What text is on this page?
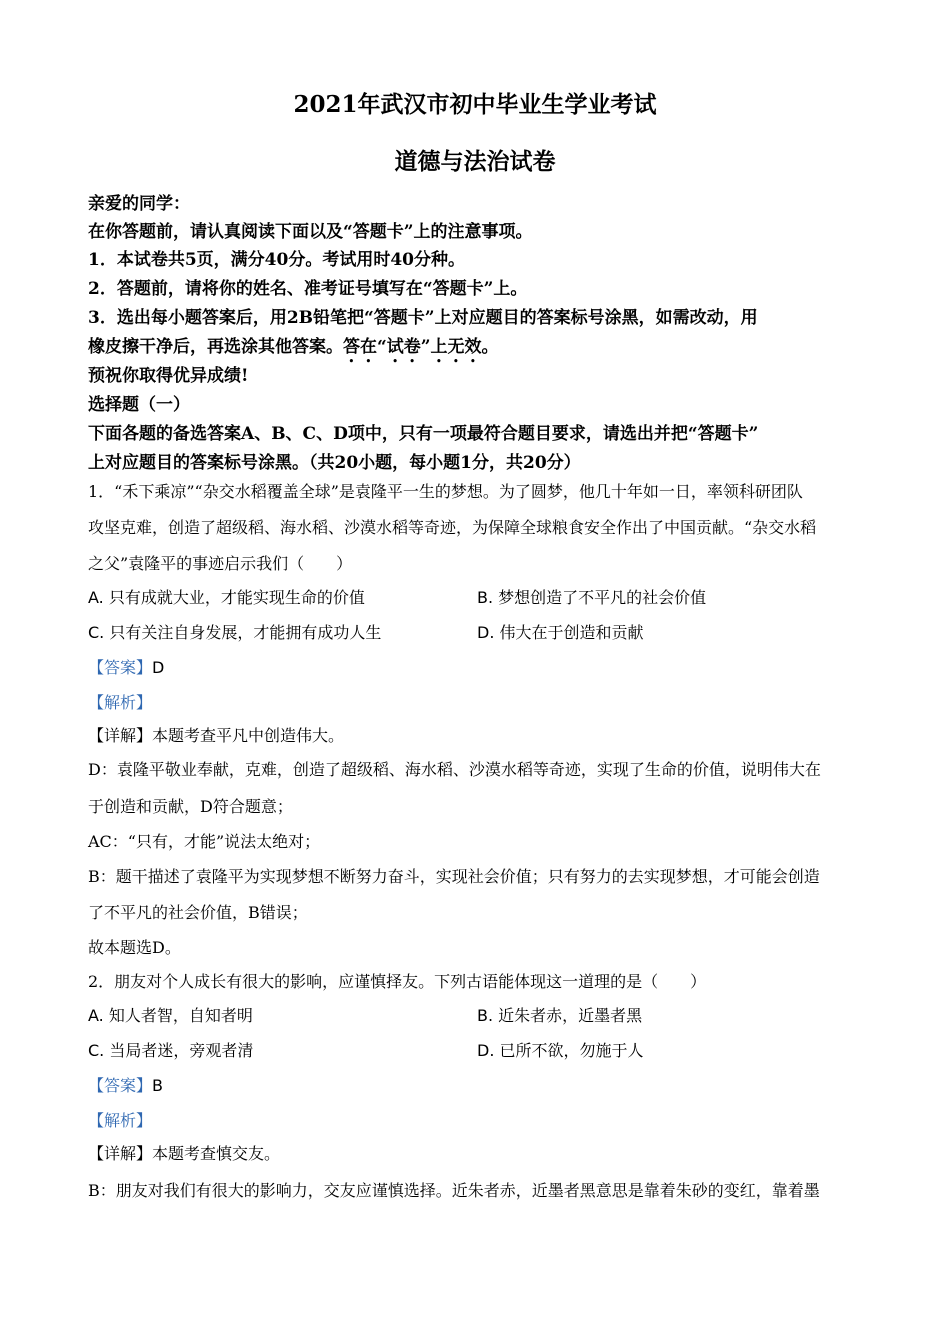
2021年武汉市初中毕业生学业考试
道德与法治试卷
亲爱的同学：
在你答题前，请认真阅读下面以及“答题卡”上的注意事项。
1．本试卷共5页，满分40分。考试用时40分种。
2．答题前，请将你的姓名、准考证号填写在“答题卡”上。
3．选出每小题答案后，用2B铅笔把“答题卡”上对应题目的答案标号涂黑，如需改动，用
橡皮擦干净后，再选涂其他答案。答在“试卷”上无效。
预祝你取得优异成绩!
选择题（一）
下面各题的备选答案A、B、C、D项中，只有一项最符合题目要求，请选出并把“答题卡”
上对应题目的答案标号涂黑。（共20小题，每小题1分，共20分）
1．“禾下乘凉”“杂交水稻覆盖全球”是袁隆平一生的梦想。为了圆梦，他几十年如一日，率领科研团队
攻坚克难，创造了超级稻、海水稻、沙漠水稻等奇迹，为保障全球粮食安全作出了中国贡献。“杂交水稻
之父”袁隆平的事迹启示我们（　　）
A. 只有成就大业，才能实现生命的价值	B. 梦想创造了不平凡的社会价值
C. 只有关注自身发展，才能拥有成功人生	D. 伟大在于创造和贡献
【答案】D
【解析】
【详解】本题考查平凡中创造伟大。
D：袁隆平敬业奉献，克难，创造了超级稻、海水稻、沙漠水稻等奇迹，实现了生命的价值，说明伟大在
于创造和贡献，D符合题意；
AC：“只有，才能”说法太绝对；
B：题干描述了袁隆平为实现梦想不断努力奋斗，实现社会价值；只有努力的去实现梦想，才可能会创造
了不平凡的社会价值，B错误；
故本题选D。
2．朋友对个人成长有很大的影响，应谨慎择友。下列古语能体现这一道理的是（　　）
A. 知人者智，自知者明	B. 近朱者赤，近墨者黑
C. 当局者迷，旁观者清	D. 已所不欲，勿施于人
【答案】B
【解析】
【详解】本题考查慎交友。
B：朋友对我们有很大的影响力，交友应谨慎选择。近朱者赤，近墨者黑意思是靠着朱砂的变红，靠着墨
